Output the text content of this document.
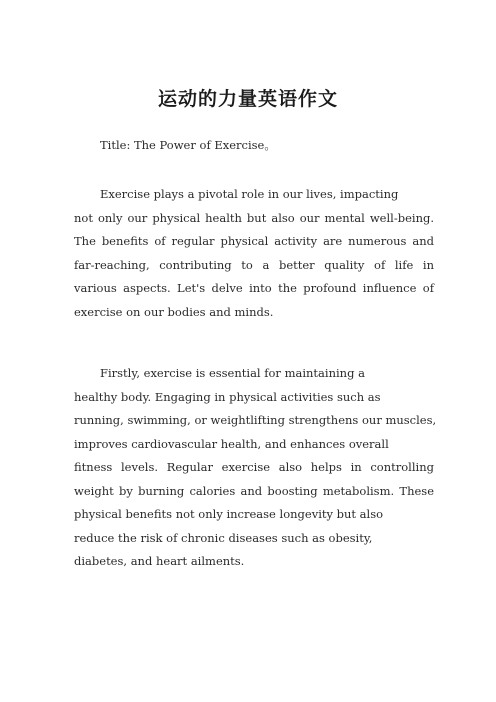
运动的力量英语作文
Title: The Power of Exercise。
Exercise plays a pivotal role in our lives, impacting
not only our physical health but also our mental well-being.
The benefits of regular physical activity are numerous and
far-reaching, contributing to a better quality of life in
various aspects. Let's delve into the profound influence of
exercise on our bodies and minds.
Firstly, exercise is essential for maintaining a
healthy body. Engaging in physical activities such as
running, swimming, or weightlifting strengthens our muscles,
improves cardiovascular health, and enhances overall
fitness levels. Regular exercise also helps in controlling
weight by burning calories and boosting metabolism. These
physical benefits not only increase longevity but also
reduce the risk of chronic diseases such as obesity,
diabetes, and heart ailments.
